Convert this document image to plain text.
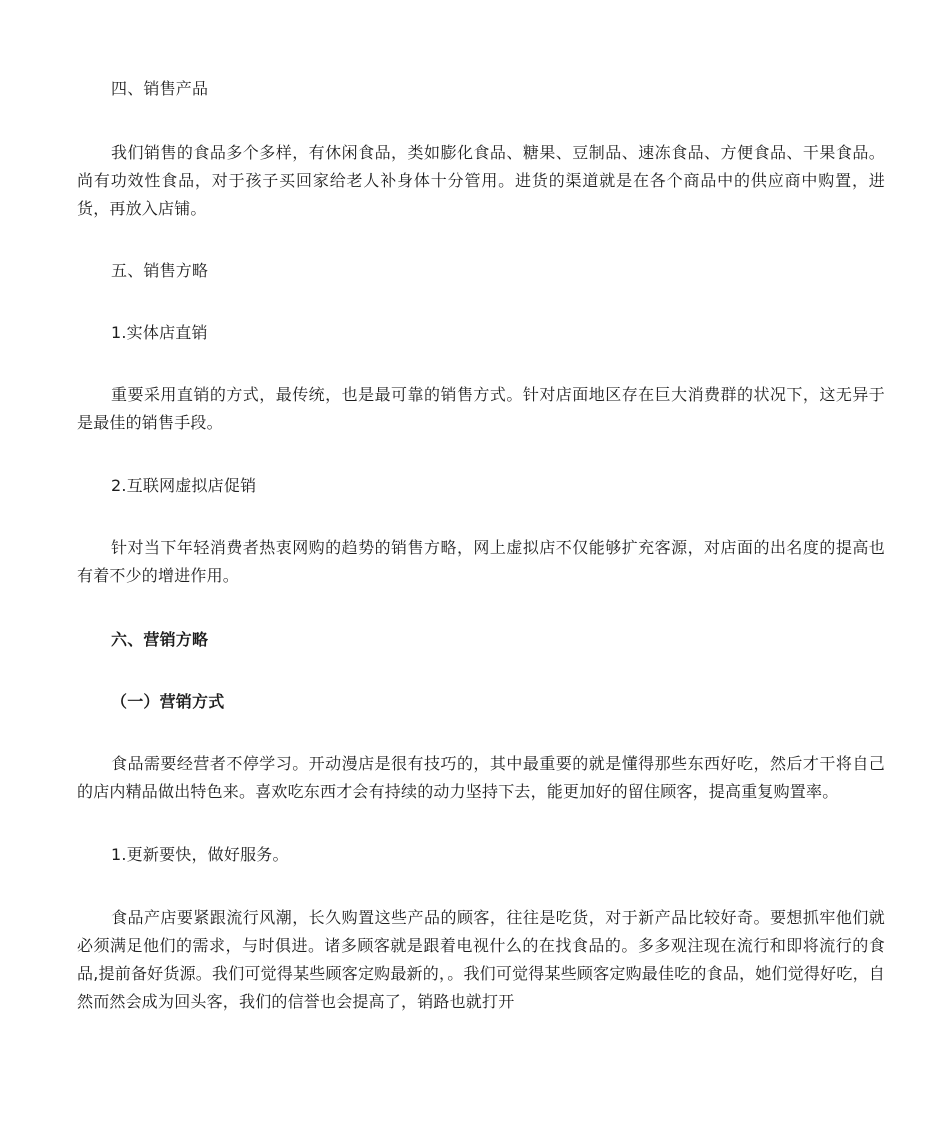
四、销售产品

我们销售的食品多个多样，有休闲食品，类如膨化食品、糖果、豆制品、速冻食品、方便食品、干果食品。尚有功效性食品，对于孩子买回家给老人补身体十分管用。进货的渠道就是在各个商品中的供应商中购置，进货，再放入店铺。

五、销售方略

1.实体店直销

重要采用直销的方式，最传统，也是最可靠的销售方式。针对店面地区存在巨大消费群的状况下，这无异于是最佳的销售手段。

2.互联网虚拟店促销

针对当下年轻消费者热衷网购的趋势的销售方略，网上虚拟店不仅能够扩充客源，对店面的出名度的提高也有着不少的增进作用。

六、营销方略

（一）营销方式

食品需要经营者不停学习。开动漫店是很有技巧的，其中最重要的就是懂得那些东西好吃，然后才干将自己的店内精品做出特色来。喜欢吃东西才会有持续的动力坚持下去，能更加好的留住顾客，提高重复购置率。

1.更新要快，做好服务。

食品产店要紧跟流行风潮，长久购置这些产品的顾客，往往是吃货，对于新产品比较好奇。要想抓牢他们就必须满足他们的需求，与时俱进。诸多顾客就是跟着电视什么的在找食品的。多多观注现在流行和即将流行的食品,提前备好货源。我们可觉得某些顾客定购最新的，。我们可觉得某些顾客定购最佳吃的食品，她们觉得好吃，自然而然会成为回头客，我们的信誉也会提高了，销路也就打开
